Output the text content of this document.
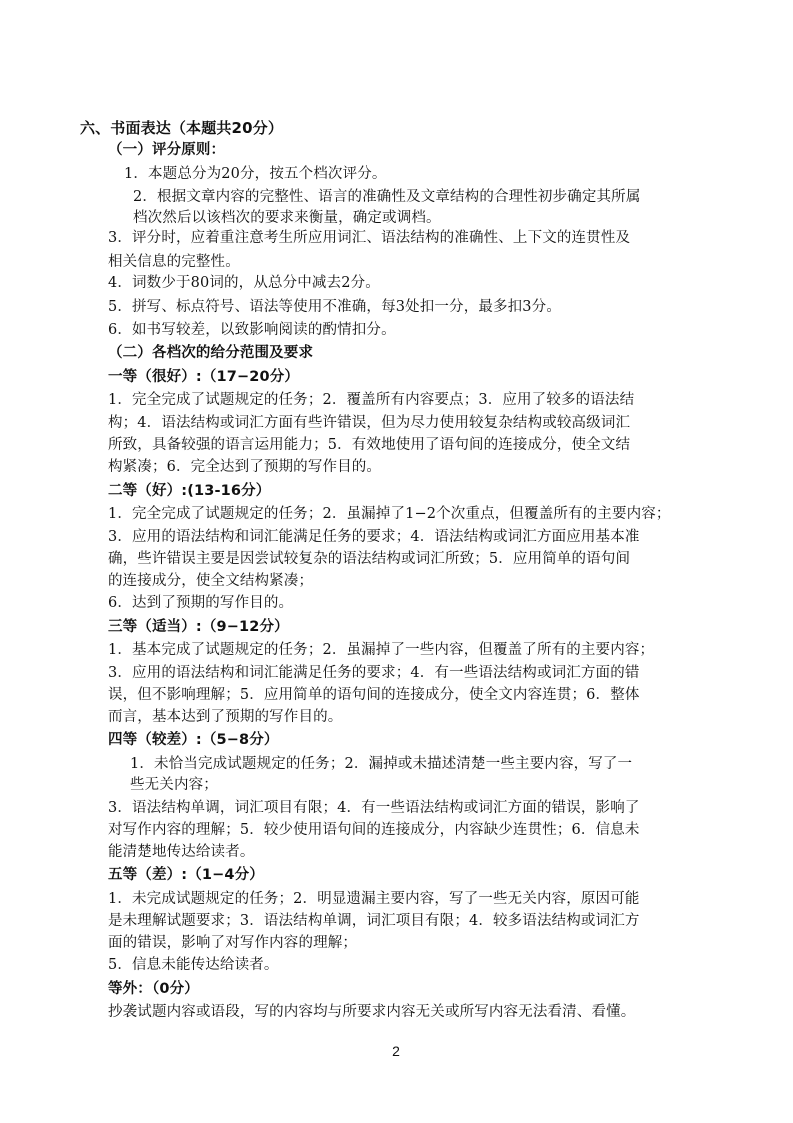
六、书面表达（本题共20分）
（一）评分原则：
1．本题总分为20分，按五个档次评分。
2．根据文章内容的完整性、语言的准确性及文章结构的合理性初步确定其所属
档次然后以该档次的要求来衡量，确定或调档。
3．评分时，应着重注意考生所应用词汇、语法结构的准确性、上下文的连贯性及
相关信息的完整性。
4．词数少于80词的，从总分中减去2分。
5．拼写、标点符号、语法等使用不准确，每3处扣一分，最多扣3分。
6．如书写较差，以致影响阅读的酌情扣分。
（二）各档次的给分范围及要求
一等（很好）:（17−20分）
1．完全完成了试题规定的任务；2．覆盖所有内容要点；3．应用了较多的语法结
构；4．语法结构或词汇方面有些许错误，但为尽力使用较复杂结构或较高级词汇
所致，具备较强的语言运用能力；5．有效地使用了语句间的连接成分，使全文结
构紧凑；6．完全达到了预期的写作目的。
二等（好）:(13-16分）
1．完全完成了试题规定的任务；2．虽漏掉了1−2个次重点，但覆盖所有的主要内容；
3．应用的语法结构和词汇能满足任务的要求；4．语法结构或词汇方面应用基本准
确，些许错误主要是因尝试较复杂的语法结构或词汇所致；5．应用简单的语句间
的连接成分，使全文结构紧凑；
6．达到了预期的写作目的。
三等（适当）:（9−12分）
1．基本完成了试题规定的任务；2．虽漏掉了一些内容，但覆盖了所有的主要内容；
3．应用的语法结构和词汇能满足任务的要求；4．有一些语法结构或词汇方面的错
误，但不影响理解；5．应用简单的语句间的连接成分，使全文内容连贯；6．整体
而言，基本达到了预期的写作目的。
四等（较差）:（5−8分）
1．未恰当完成试题规定的任务；2．漏掉或未描述清楚一些主要内容，写了一
些无关内容；
3．语法结构单调，词汇项目有限；4．有一些语法结构或词汇方面的错误，影响了
对写作内容的理解；5．较少使用语句间的连接成分，内容缺少连贯性；6．信息未
能清楚地传达给读者。
五等（差）:（1−4分）
1．未完成试题规定的任务；2．明显遗漏主要内容，写了一些无关内容，原因可能
是未理解试题要求；3．语法结构单调，词汇项目有限；4．较多语法结构或词汇方
面的错误，影响了对写作内容的理解；
5．信息未能传达给读者。
等外：（0分）
抄袭试题内容或语段，写的内容均与所要求内容无关或所写内容无法看清、看懂。
2
